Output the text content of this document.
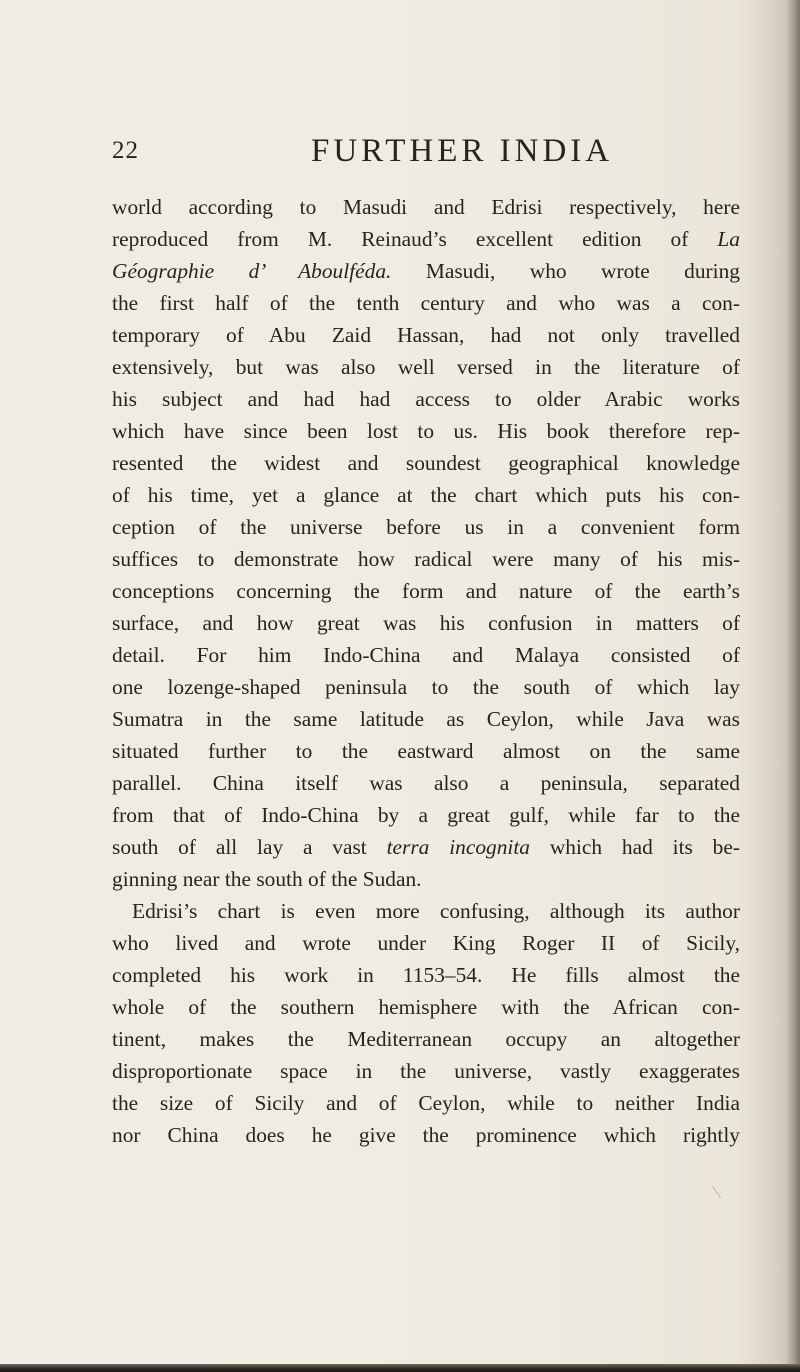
22	FURTHER INDIA
world according to Masudi and Edrisi respectively, here
reproduced from M. Reinaud’s excellent edition of La
Géographie d’ Aboulféda. Masudi, who wrote during
the first half of the tenth century and who was a con-
temporary of Abu Zaid Hassan, had not only travelled
extensively, but was also well versed in the literature of
his subject and had had access to older Arabic works
which have since been lost to us. His book therefore rep-
resented the widest and soundest geographical knowledge
of his time, yet a glance at the chart which puts his con-
ception of the universe before us in a convenient form
suffices to demonstrate how radical were many of his mis-
conceptions concerning the form and nature of the earth’s
surface, and how great was his confusion in matters of
detail. For him Indo-China and Malaya consisted of
one lozenge-shaped peninsula to the south of which lay
Sumatra in the same latitude as Ceylon, while Java was
situated further to the eastward almost on the same
parallel. China itself was also a peninsula, separated
from that of Indo-China by a great gulf, while far to the
south of all lay a vast terra incognita which had its be-
ginning near the south of the Sudan.
Edrisi’s chart is even more confusing, although its author
who lived and wrote under King Roger II of Sicily,
completed his work in 1153–54. He fills almost the
whole of the southern hemisphere with the African con-
tinent, makes the Mediterranean occupy an altogether
disproportionate space in the universe, vastly exaggerates
the size of Sicily and of Ceylon, while to neither India
nor China does he give the prominence which rightly
